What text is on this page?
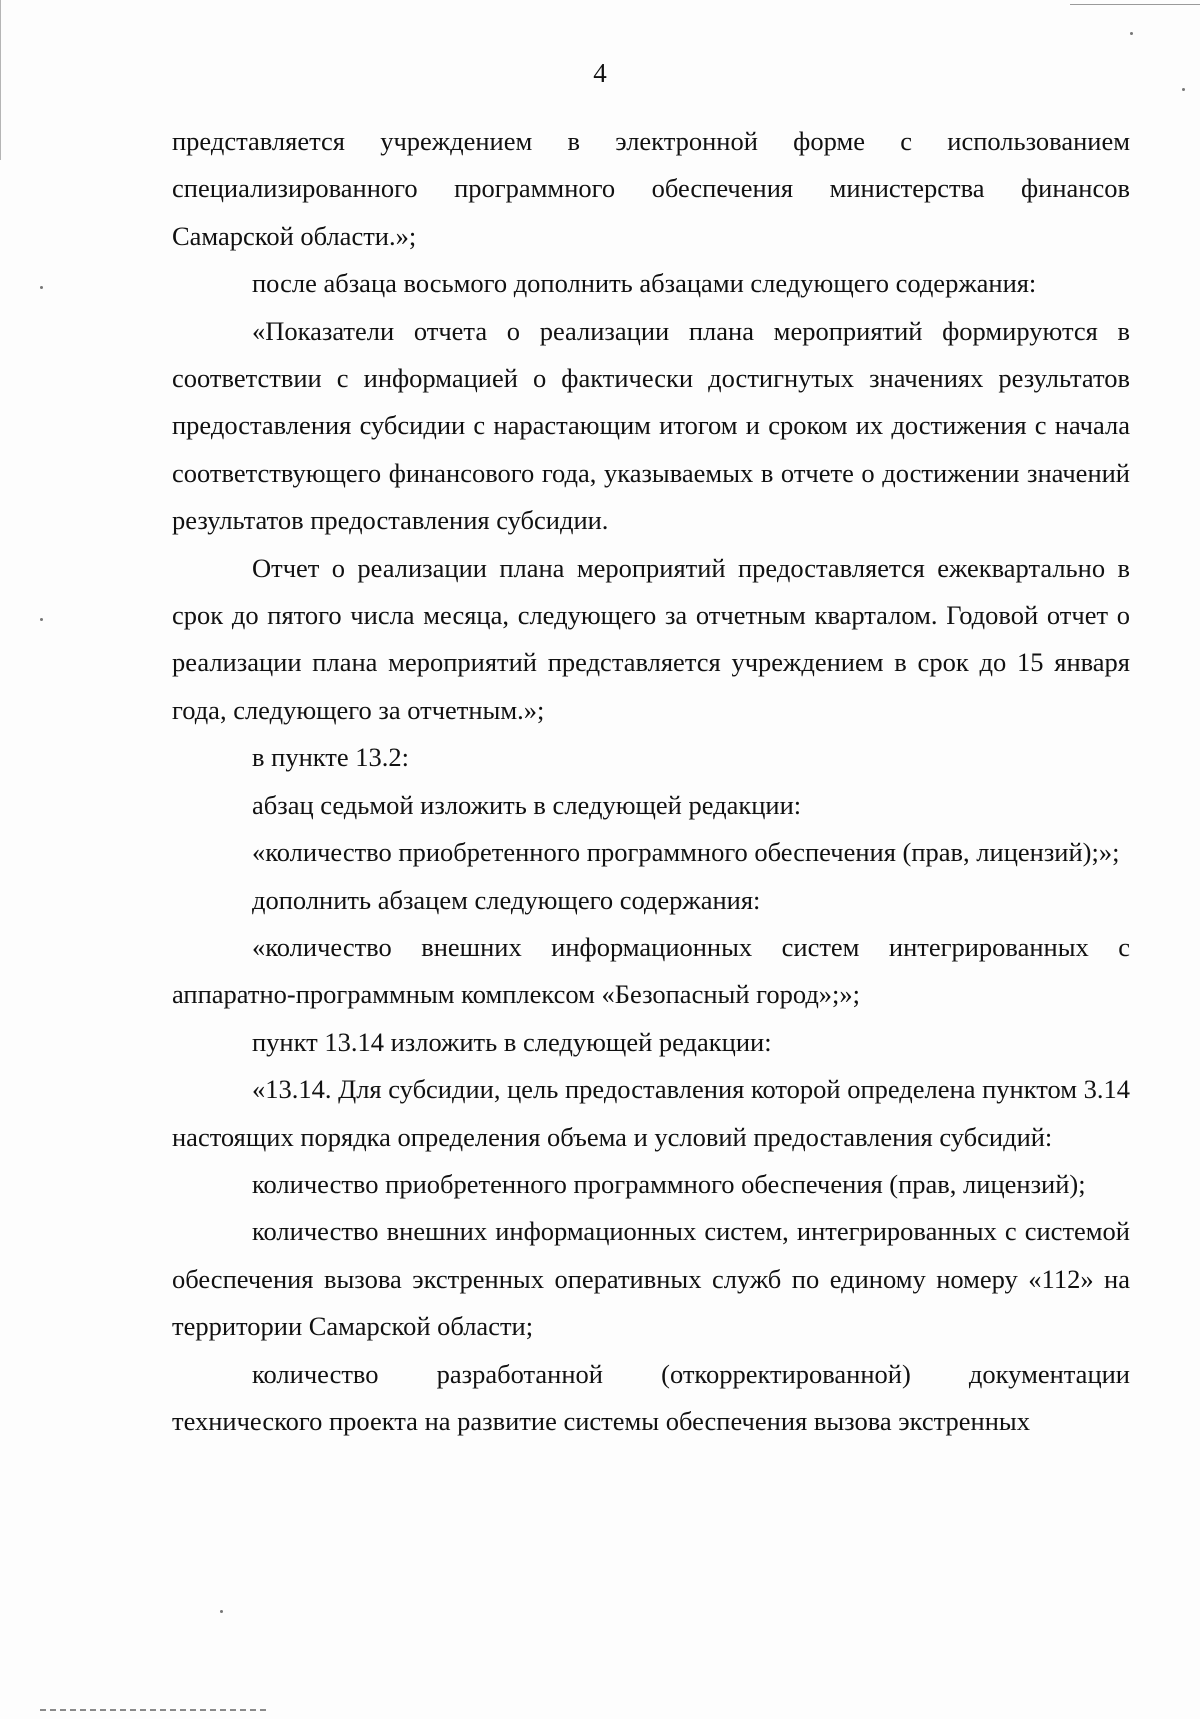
4

представляется учреждением в электронной форме с использованием специализированного программного обеспечения министерства финансов Самарской области.»;

после абзаца восьмого дополнить абзацами следующего содержания:

«Показатели отчета о реализации плана мероприятий формируются в соответствии с информацией о фактически достигнутых значениях результатов предоставления субсидии с нарастающим итогом и сроком их достижения с начала соответствующего финансового года, указываемых в отчете о достижении значений результатов предоставления субсидии.

Отчет о реализации плана мероприятий предоставляется ежеквартально в срок до пятого числа месяца, следующего за отчетным кварталом. Годовой отчет о реализации плана мероприятий представляется учреждением в срок до 15 января года, следующего за отчетным.»;

в пункте 13.2:

абзац седьмой изложить в следующей редакции:

«количество приобретенного программного обеспечения (прав, лицензий);»;

дополнить абзацем следующего содержания:

«количество внешних информационных систем интегрированных с аппаратно-программным комплексом «Безопасный город»;»;

пункт 13.14 изложить в следующей редакции:

«13.14. Для субсидии, цель предоставления которой определена пунктом 3.14 настоящих порядка определения объема и условий предоставления субсидий:

количество приобретенного программного обеспечения (прав, лицензий);

количество внешних информационных систем, интегрированных с системой обеспечения вызова экстренных оперативных служб по единому номеру «112» на территории Самарской области;

количество разработанной (откорректированной) документации технического проекта на развитие системы обеспечения вызова экстренных
